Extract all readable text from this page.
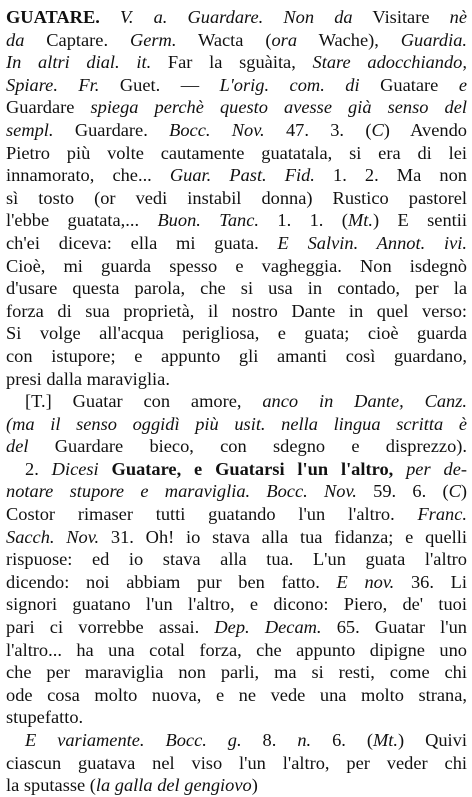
GUATARE. V. a. Guardare. Non da Visitare nè
da Captare. Germ. Wacta (ora Wache), Guardia.
In altri dial. it. Far la sguàita, Stare adocchiando,
Spiare. Fr. Guet. — L'orig. com. di Guatare e
Guardare spiega perchè questo avesse già senso del
sempl. Guardare. Bocc. Nov. 47. 3. (C) Avendo
Pietro più volte cautamente guatatala, si era di lei
innamorato, che... Guar. Past. Fid. 1. 2. Ma non
sì tosto (or vedi instabil donna) Rustico pastorel
l'ebbe guatata,... Buon. Tanc. 1. 1. (Mt.) E sentii
ch'ei diceva: ella mi guata. E Salvin. Annot. ivi.
Cioè, mi guarda spesso e vagheggia. Non isdegnò
d'usare questa parola, che si usa in contado, per la
forza di sua proprietà, il nostro Dante in quel verso:
Si volge all'acqua perigliosa, e guata; cioè guarda
con istupore; e appunto gli amanti così guardano,
presi dalla maraviglia.
[T.] Guatar con amore, anco in Dante, Canz.
(ma il senso oggidì più usit. nella lingua scritta è
del Guardare bieco, con sdegno e disprezzo).
2. Dicesi Guatare, e Guatarsi l'un l'altro, per de-
notare stupore e maraviglia. Bocc. Nov. 59. 6. (C)
Costor rimaser tutti guatando l'un l'altro. Franc.
Sacch. Nov. 31. Oh! io stava alla tua fidanza; e quelli
rispuose: ed io stava alla tua. L'un guata l'altro
dicendo: noi abbiam pur ben fatto. E nov. 36. Li
signori guatano l'un l'altro, e dicono: Piero, de' tuoi
pari ci vorrebbe assai. Dep. Decam. 65. Guatar l'un
l'altro... ha una cotal forza, che appunto dipigne uno
che per maraviglia non parli, ma si resti, come chi
ode cosa molto nuova, e ne vede una molto strana,
stupefatto.
E variamente. Bocc. g. 8. n. 6. (Mt.) Quivi
ciascun guatava nel viso l'un l'altro, per veder chi
la sputasse (la galla del gengiovo)
